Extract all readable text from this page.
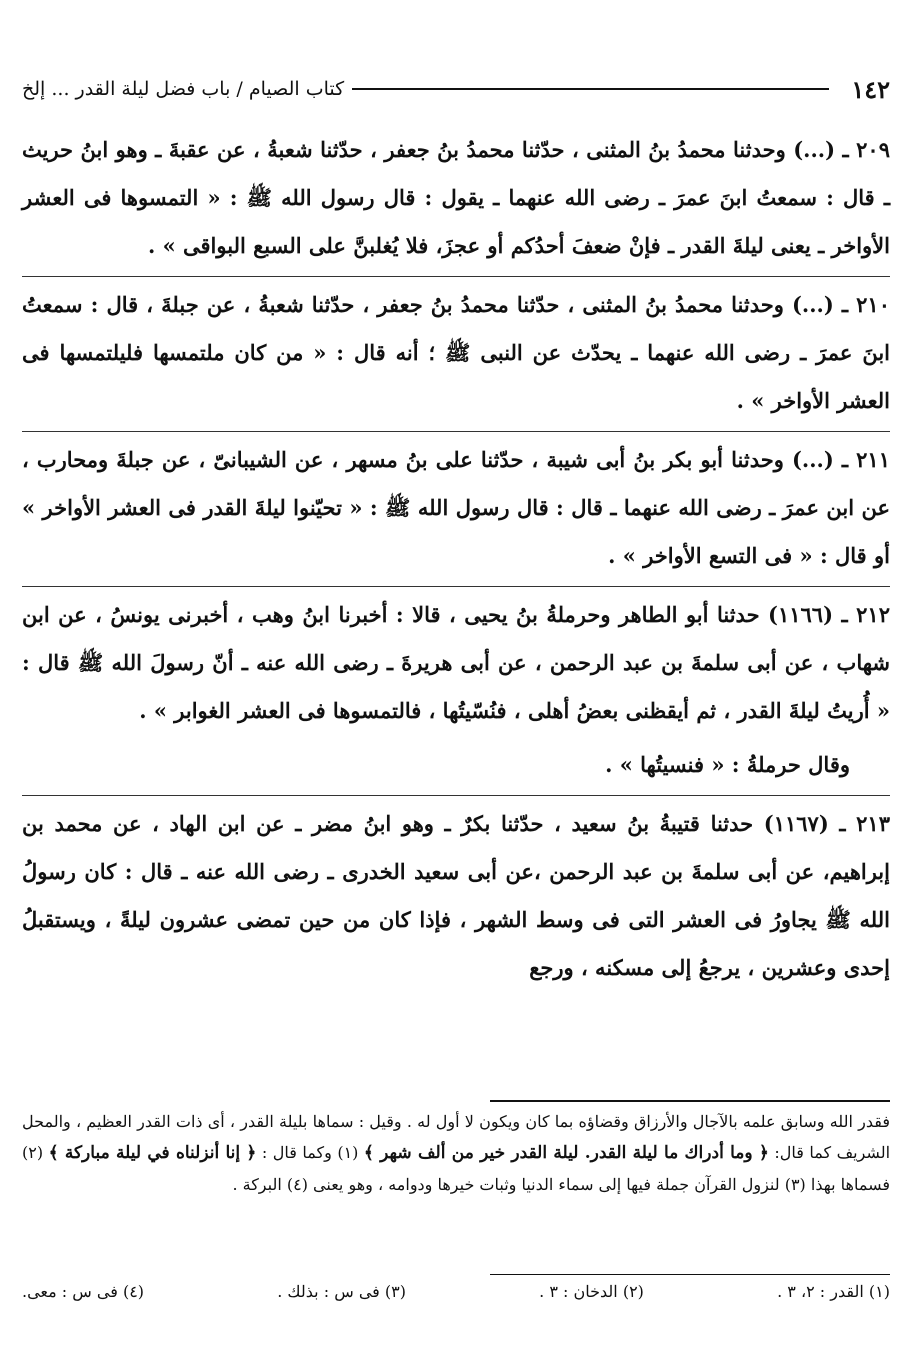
١٤٢
كتاب الصيام / باب فضل ليلة القدر ... إلخ

٢٠٩ ـ (...) وحدثنا محمدُ بنُ المثنى ، حدّثنا محمدُ بنُ جعفر ، حدّثنا شعبةُ ، عن عقبةَ ـ وهو ابنُ حريث ـ قال : سمعتُ ابنَ عمرَ ـ رضى الله عنهما ـ يقول : قال رسول الله ﷺ : « التمسوها فى العشر الأواخر ـ يعنى ليلةَ القدر ـ فإنْ ضعفَ أحدُكم أو عجزَ، فلا يُغلبنَّ على السبع البواقى » .

٢١٠ ـ (...) وحدثنا محمدُ بنُ المثنى ، حدّثنا محمدُ بنُ جعفر ، حدّثنا شعبةُ ، عن جبلةَ ، قال : سمعتُ ابنَ عمرَ ـ رضى الله عنهما ـ يحدّث عن النبى ﷺ ؛ أنه قال : « من كان ملتمسها فليلتمسها فى العشر الأواخر » .

٢١١ ـ (...) وحدثنا أبو بكر بنُ أبى شيبة ، حدّثنا على بنُ مسهر ، عن الشيبانىّ ، عن جبلةَ ومحارب ، عن ابن عمرَ ـ رضى الله عنهما ـ قال : قال رسول الله ﷺ : « تحيّنوا ليلةَ القدر فى العشر الأواخر » أو قال : « فى التسع الأواخر » .

٢١٢ ـ (١١٦٦) حدثنا أبو الطاهر وحرملةُ بنُ يحيى ، قالا : أخبرنا ابنُ وهب ، أخبرنى يونسُ ، عن ابن شهاب ، عن أبى سلمةَ بن عبد الرحمن ، عن أبى هريرةَ ـ رضى الله عنه ـ أنّ رسولَ الله ﷺ قال : « أُريتُ ليلةَ القدر ، ثم أيقظنى بعضُ أهلى ، فنُسّيتُها ، فالتمسوها فى العشر الغوابر » .

وقال حرملةُ : « فنسيتُها » .

٢١٣ ـ (١١٦٧) حدثنا قتيبةُ بنُ سعيد ، حدّثنا بكرٌ ـ وهو ابنُ مضر ـ عن ابن الهاد ، عن محمد بن إبراهيم، عن أبى سلمةَ بن عبد الرحمن ،عن أبى سعيد الخدرى ـ رضى الله عنه ـ قال : كان رسولُ الله ﷺ يجاورُ فى العشر التى فى وسط الشهر ، فإذا كان من حين تمضى عشرون ليلةً ، ويستقبلُ إحدى وعشرين ، يرجعُ إلى مسكنه ، ورجع

فقدر الله وسابق علمه بالآجال والأرزاق وقضاؤه بما كان ويكون لا أول له . وقيل : سماها بليلة القدر ، أى ذات القدر العظيم ، والمحل الشريف كما قال: ﴿ وما أدراك ما ليلة القدر. ليلة القدر خير من ألف شهر ﴾ (١) وكما قال : ﴿ إنا أنزلناه في ليلة مباركة ﴾ (٢) فسماها بهذا (٣) لنزول القرآن جملة فيها إلى سماء الدنيا وثبات خيرها ودوامه ، وهو يعنى (٤) البركة .
(١) القدر : ٢، ٣ .
(٢) الدخان : ٣ .
(٣) فى س : بذلك .
(٤) فى س : معى.
